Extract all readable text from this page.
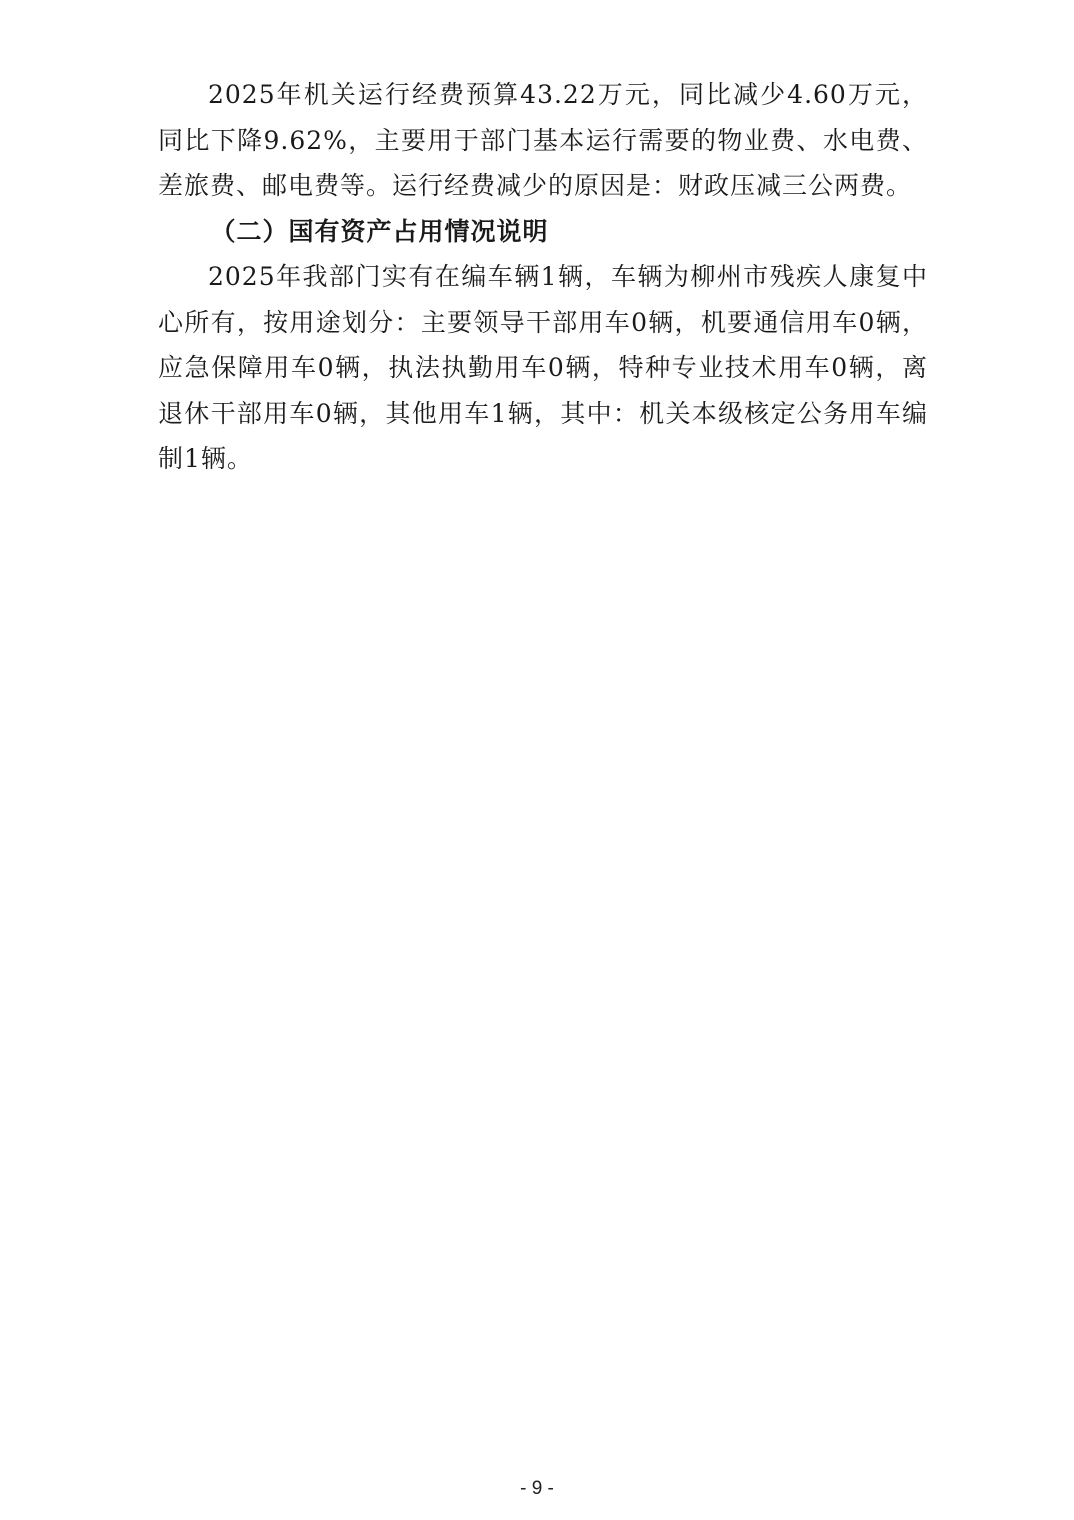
2025年机关运行经费预算43.22万元，同比减少4.60万元，同比下降9.62%，主要用于部门基本运行需要的物业费、水电费、差旅费、邮电费等。运行经费减少的原因是：财政压减三公两费。

（二）国有资产占用情况说明

2025年我部门实有在编车辆1辆，车辆为柳州市残疾人康复中心所有，按用途划分：主要领导干部用车0辆，机要通信用车0辆，应急保障用车0辆，执法执勤用车0辆，特种专业技术用车0辆，离退休干部用车0辆，其他用车1辆，其中：机关本级核定公务用车编制1辆。

- 9 -
